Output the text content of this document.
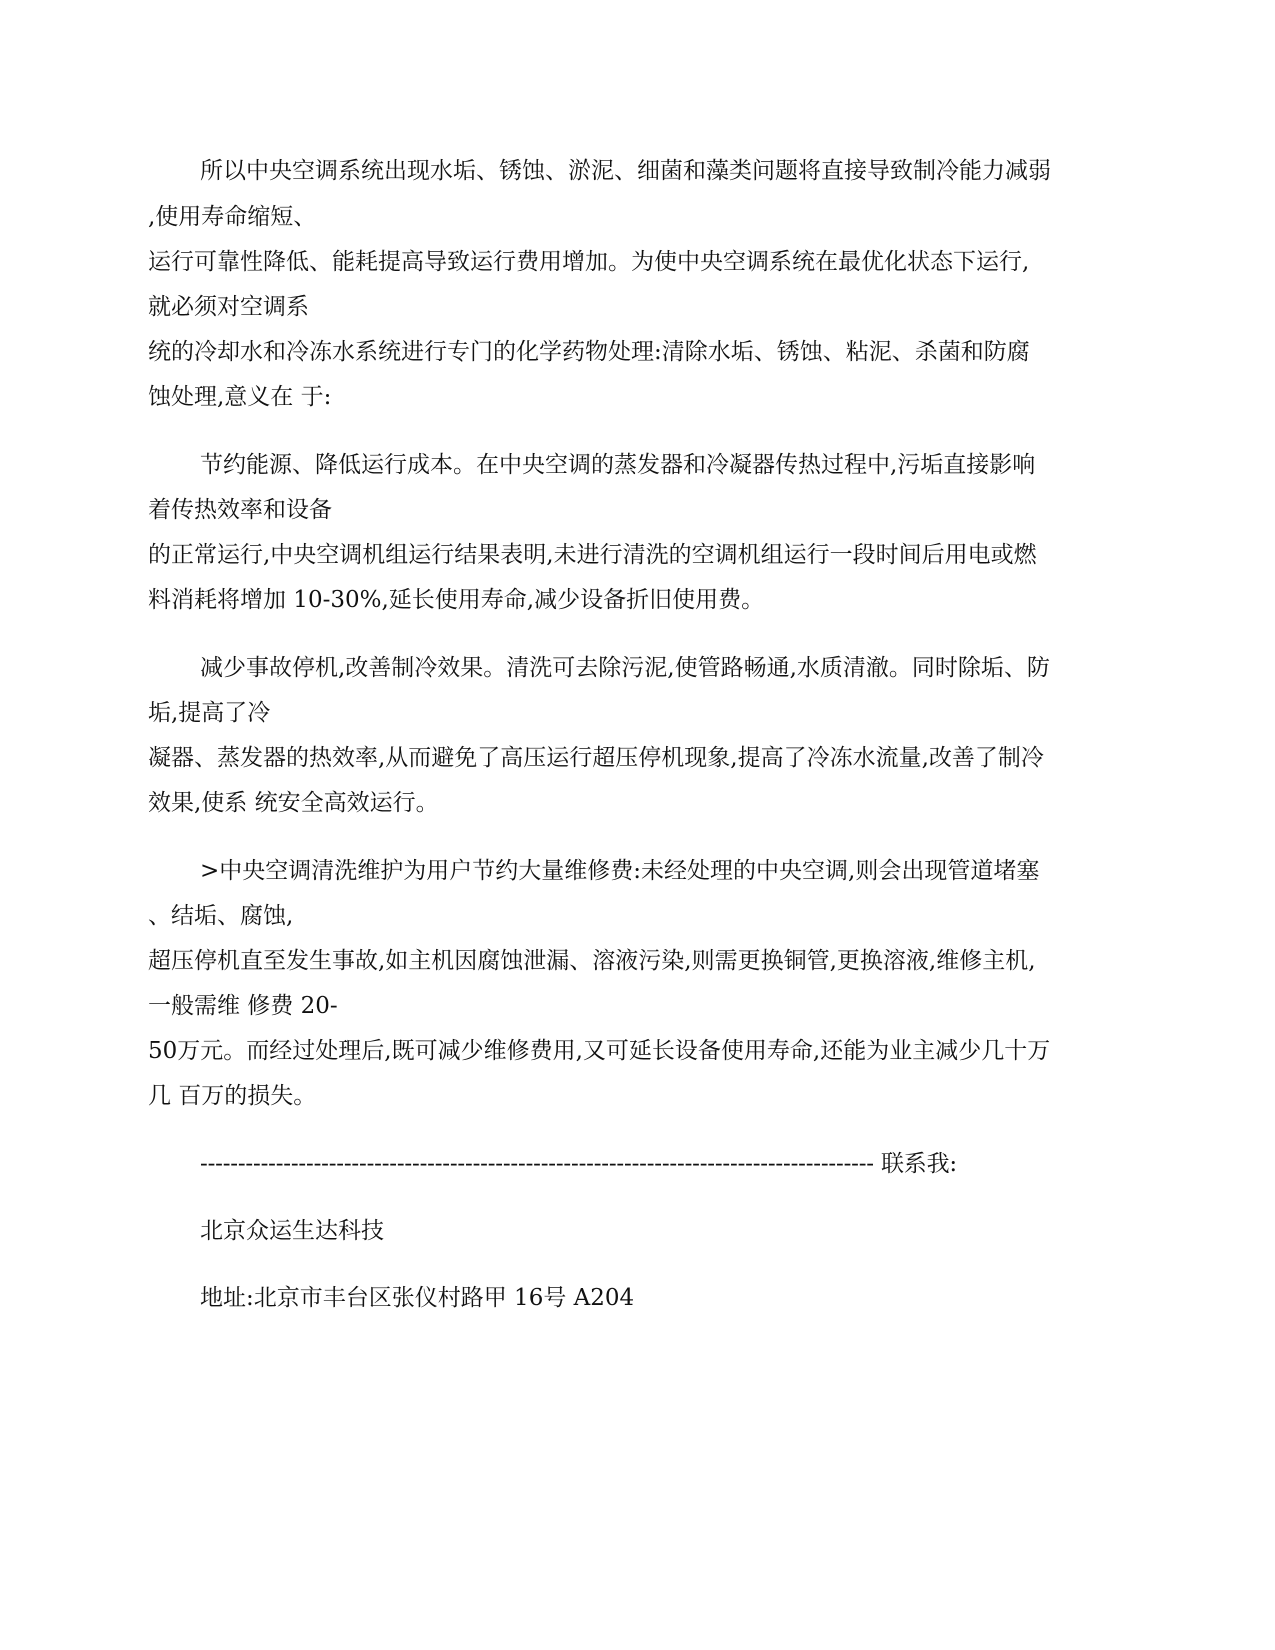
所以中央空调系统出现水垢、锈蚀、淤泥、细菌和藻类问题将直接导致制冷能力减弱
,使用寿命缩短、
运行可靠性降低、能耗提高导致运行费用增加。为使中央空调系统在最优化状态下运行,
就必须对空调系
统的冷却水和冷冻水系统进行专门的化学药物处理:清除水垢、锈蚀、粘泥、杀菌和防腐
蚀处理,意义在 于:
节约能源、降低运行成本。在中央空调的蒸发器和冷凝器传热过程中,污垢直接影响
着传热效率和设备
的正常运行,中央空调机组运行结果表明,未进行清洗的空调机组运行一段时间后用电或燃
料消耗将增加 10-30%,延长使用寿命,减少设备折旧使用费。
减少事故停机,改善制冷效果。清洗可去除污泥,使管路畅通,水质清澈。同时除垢、防
垢,提高了冷
凝器、蒸发器的热效率,从而避免了高压运行超压停机现象,提高了冷冻水流量,改善了制冷
效果,使系 统安全高效运行。
>中央空调清洗维护为用户节约大量维修费:未经处理的中央空调,则会出现管道堵塞
、结垢、腐蚀,
超压停机直至发生事故,如主机因腐蚀泄漏、溶液污染,则需更换铜管,更换溶液,维修主机,
一般需维 修费 20-
50万元。而经过处理后,既可减少维修费用,又可延长设备使用寿命,还能为业主减少几十万
几 百万的损失。
----------------------------------------------------------------------------------------- 联系我:
北京众运生达科技
地址:北京市丰台区张仪村路甲 16号 A204
